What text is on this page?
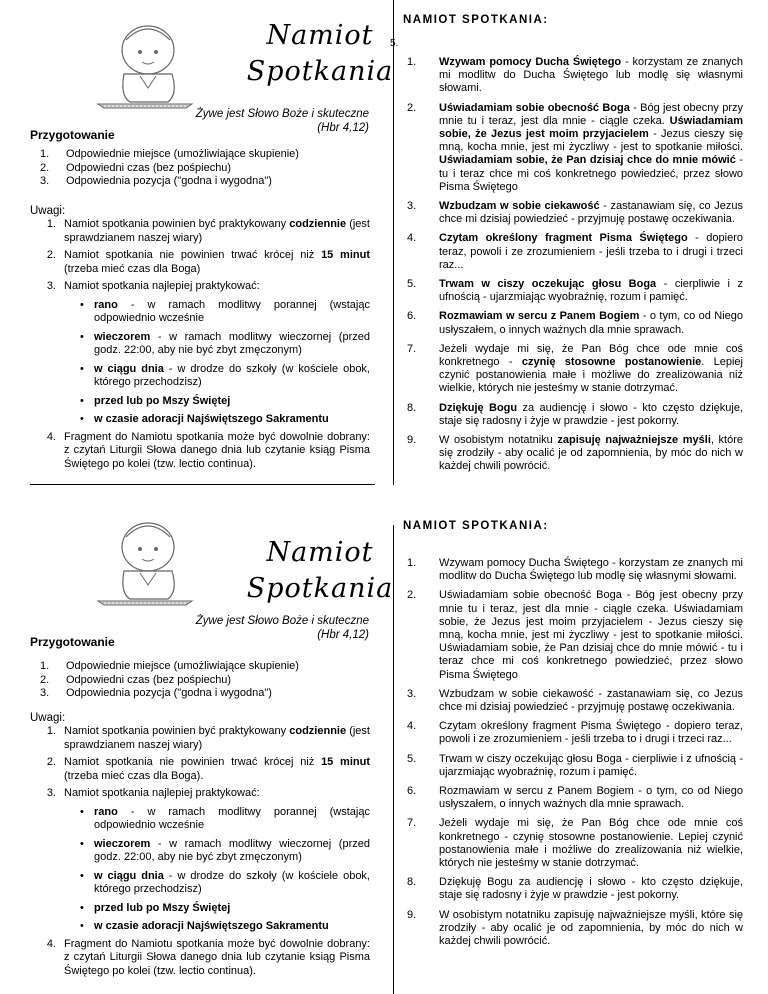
Namiot
Spotkania
Żywe jest Słowo Boże i skuteczne
(Hbr 4,12)
Przygotowanie
1.	Odpowiednie miejsce (umożliwiające skupienie)
2.	Odpowiedni czas (bez pośpiechu)
3.	Odpowiednia pozycja ("godna i wygodna")
Uwagi:
1. Namiot spotkania powinien być praktykowany codziennie (jest sprawdzianem naszej wiary)
2. Namiot spotkania nie powinien trwać krócej niż 15 minut (trzeba mieć czas dla Boga)
3. Namiot spotkania najlepiej praktykować:
• rano - w ramach modlitwy porannej (wstając odpowiednio wcześnie
• wieczorem - w ramach modlitwy wieczornej (przed godz. 22:00, aby nie być zbyt zmęczonym)
• w ciągu dnia - w drodze do szkoły (w kościele obok, którego przechodzisz)
• przed lub po Mszy Świętej
• w czasie adoracji Najświętszego Sakramentu
4. Fragment do Namiotu spotkania może być dowolnie dobrany: z czytań Liturgii Słowa danego dnia lub czytanie ksiąg Pisma Świętego po kolei (tzw. lectio continua).
NAMIOT SPOTKANIA:
5.
1.	Wzywam pomocy Ducha Świętego - korzystam ze znanych mi modlitw do Ducha Świętego lub modlę się własnymi słowami.
2.	Uświadamiam sobie obecność Boga - Bóg jest obecny przy mnie tu i teraz, jest dla mnie - ciągle czeka. Uświadamiam sobie, że Jezus jest moim przyjacielem - Jezus cieszy się mną, kocha mnie, jest mi życzliwy - jest to spotkanie miłości. Uświadamiam sobie, że Pan dzisiaj chce do mnie mówić - tu i teraz chce mi coś konkretnego powiedzieć, przez słowo Pisma Świętego
3.	Wzbudzam w sobie ciekawość - zastanawiam się, co Jezus chce mi dzisiaj powiedzieć - przyjmuję postawę oczekiwania.
4.	Czytam określony fragment Pisma Świętego - dopiero teraz, powoli i ze zrozumieniem - jeśli trzeba to i drugi i trzeci raz...
5.	Trwam w ciszy oczekując głosu Boga - cierpliwie i z ufnością - ujarzmiając wyobraźnię, rozum i pamięć.
6.	Rozmawiam w sercu z Panem Bogiem - o tym, co od Niego usłyszałem, o innych ważnych dla mnie sprawach.
7.	Jeżeli wydaje mi się, że Pan Bóg chce ode mnie coś konkretnego - czynię stosowne postanowienie. Lepiej czynić postanowienia małe i możliwe do zrealizowania niż wielkie, których nie jesteśmy w stanie dotrzymać.
8.	Dziękuję Bogu za audiencję i słowo - kto często dziękuje, staje się radosny i żyje w prawdzie - jest pokorny.
9.	W osobistym notatniku zapisuję najważniejsze myśli, które się zrodziły - aby ocalić je od zapomnienia, by móc do nich w każdej chwili powrócić.
Namiot
Spotkania
Żywe jest Słowo Boże i skuteczne
(Hbr 4,12)
Przygotowanie
1.	Odpowiednie miejsce (umożliwiające skupienie)
2.	Odpowiedni czas (bez pośpiechu)
3.	Odpowiednia pozycja ("godna i wygodna")
Uwagi:
1. Namiot spotkania powinien być praktykowany codziennie (jest sprawdzianem naszej wiary)
2. Namiot spotkania nie powinien trwać krócej niż 15 minut (trzeba mieć czas dla Boga).
3. Namiot spotkania najlepiej praktykować:
• rano - w ramach modlitwy porannej (wstając odpowiednio wcześnie
• wieczorem - w ramach modlitwy wieczornej (przed godz. 22:00, aby nie być zbyt zmęczonym)
• w ciągu dnia - w drodze do szkoły (w kościele obok, którego przechodzisz)
• przed lub po Mszy Świętej
• w czasie adoracji Najświętszego Sakramentu
4. Fragment do Namiotu spotkania może być dowolnie dobrany: z czytań Liturgii Słowa danego dnia lub czytanie ksiąg Pisma Świętego po kolei (tzw. lectio continua).
NAMIOT SPOTKANIA:
1.	Wzywam pomocy Ducha Świętego - korzystam ze znanych mi modlitw do Ducha Świętego lub modlę się własnymi słowami.
2.	Uświadamiam sobie obecność Boga - Bóg jest obecny przy mnie tu i teraz, jest dla mnie - ciągle czeka. Uświadamiam sobie, że Jezus jest moim przyjacielem - Jezus cieszy się mną, kocha mnie, jest mi życzliwy - jest to spotkanie miłości. Uświadamiam sobie, że Pan dzisiaj chce do mnie mówić - tu i teraz chce mi coś konkretnego powiedzieć, przez słowo Pisma Świętego
3.	Wzbudzam w sobie ciekawość - zastanawiam się, co Jezus chce mi dzisiaj powiedzieć - przyjmuję postawę oczekiwania.
4.	Czytam określony fragment Pisma Świętego - dopiero teraz, powoli i ze zrozumieniem - jeśli trzeba to i drugi i trzeci raz...
5.	Trwam w ciszy oczekując głosu Boga - cierpliwie i z ufnością - ujarzmiając wyobraźnię, rozum i pamięć.
6.	Rozmawiam w sercu z Panem Bogiem - o tym, co od Niego usłyszałem, o innych ważnych dla mnie sprawach.
7.	Jeżeli wydaje mi się, że Pan Bóg chce ode mnie coś konkretnego - czynię stosowne postanowienie. Lepiej czynić postanowienia małe i możliwe do zrealizowania niż wielkie, których nie jesteśmy w stanie dotrzymać.
8.	Dziękuję Bogu za audiencję i słowo - kto często dziękuje, staje się radosny i żyje w prawdzie - jest pokorny.
9.	W osobistym notatniku zapisuję najważniejsze myśli, które się zrodziły - aby ocalić je od zapomnienia, by móc do nich w każdej chwili powrócić.
